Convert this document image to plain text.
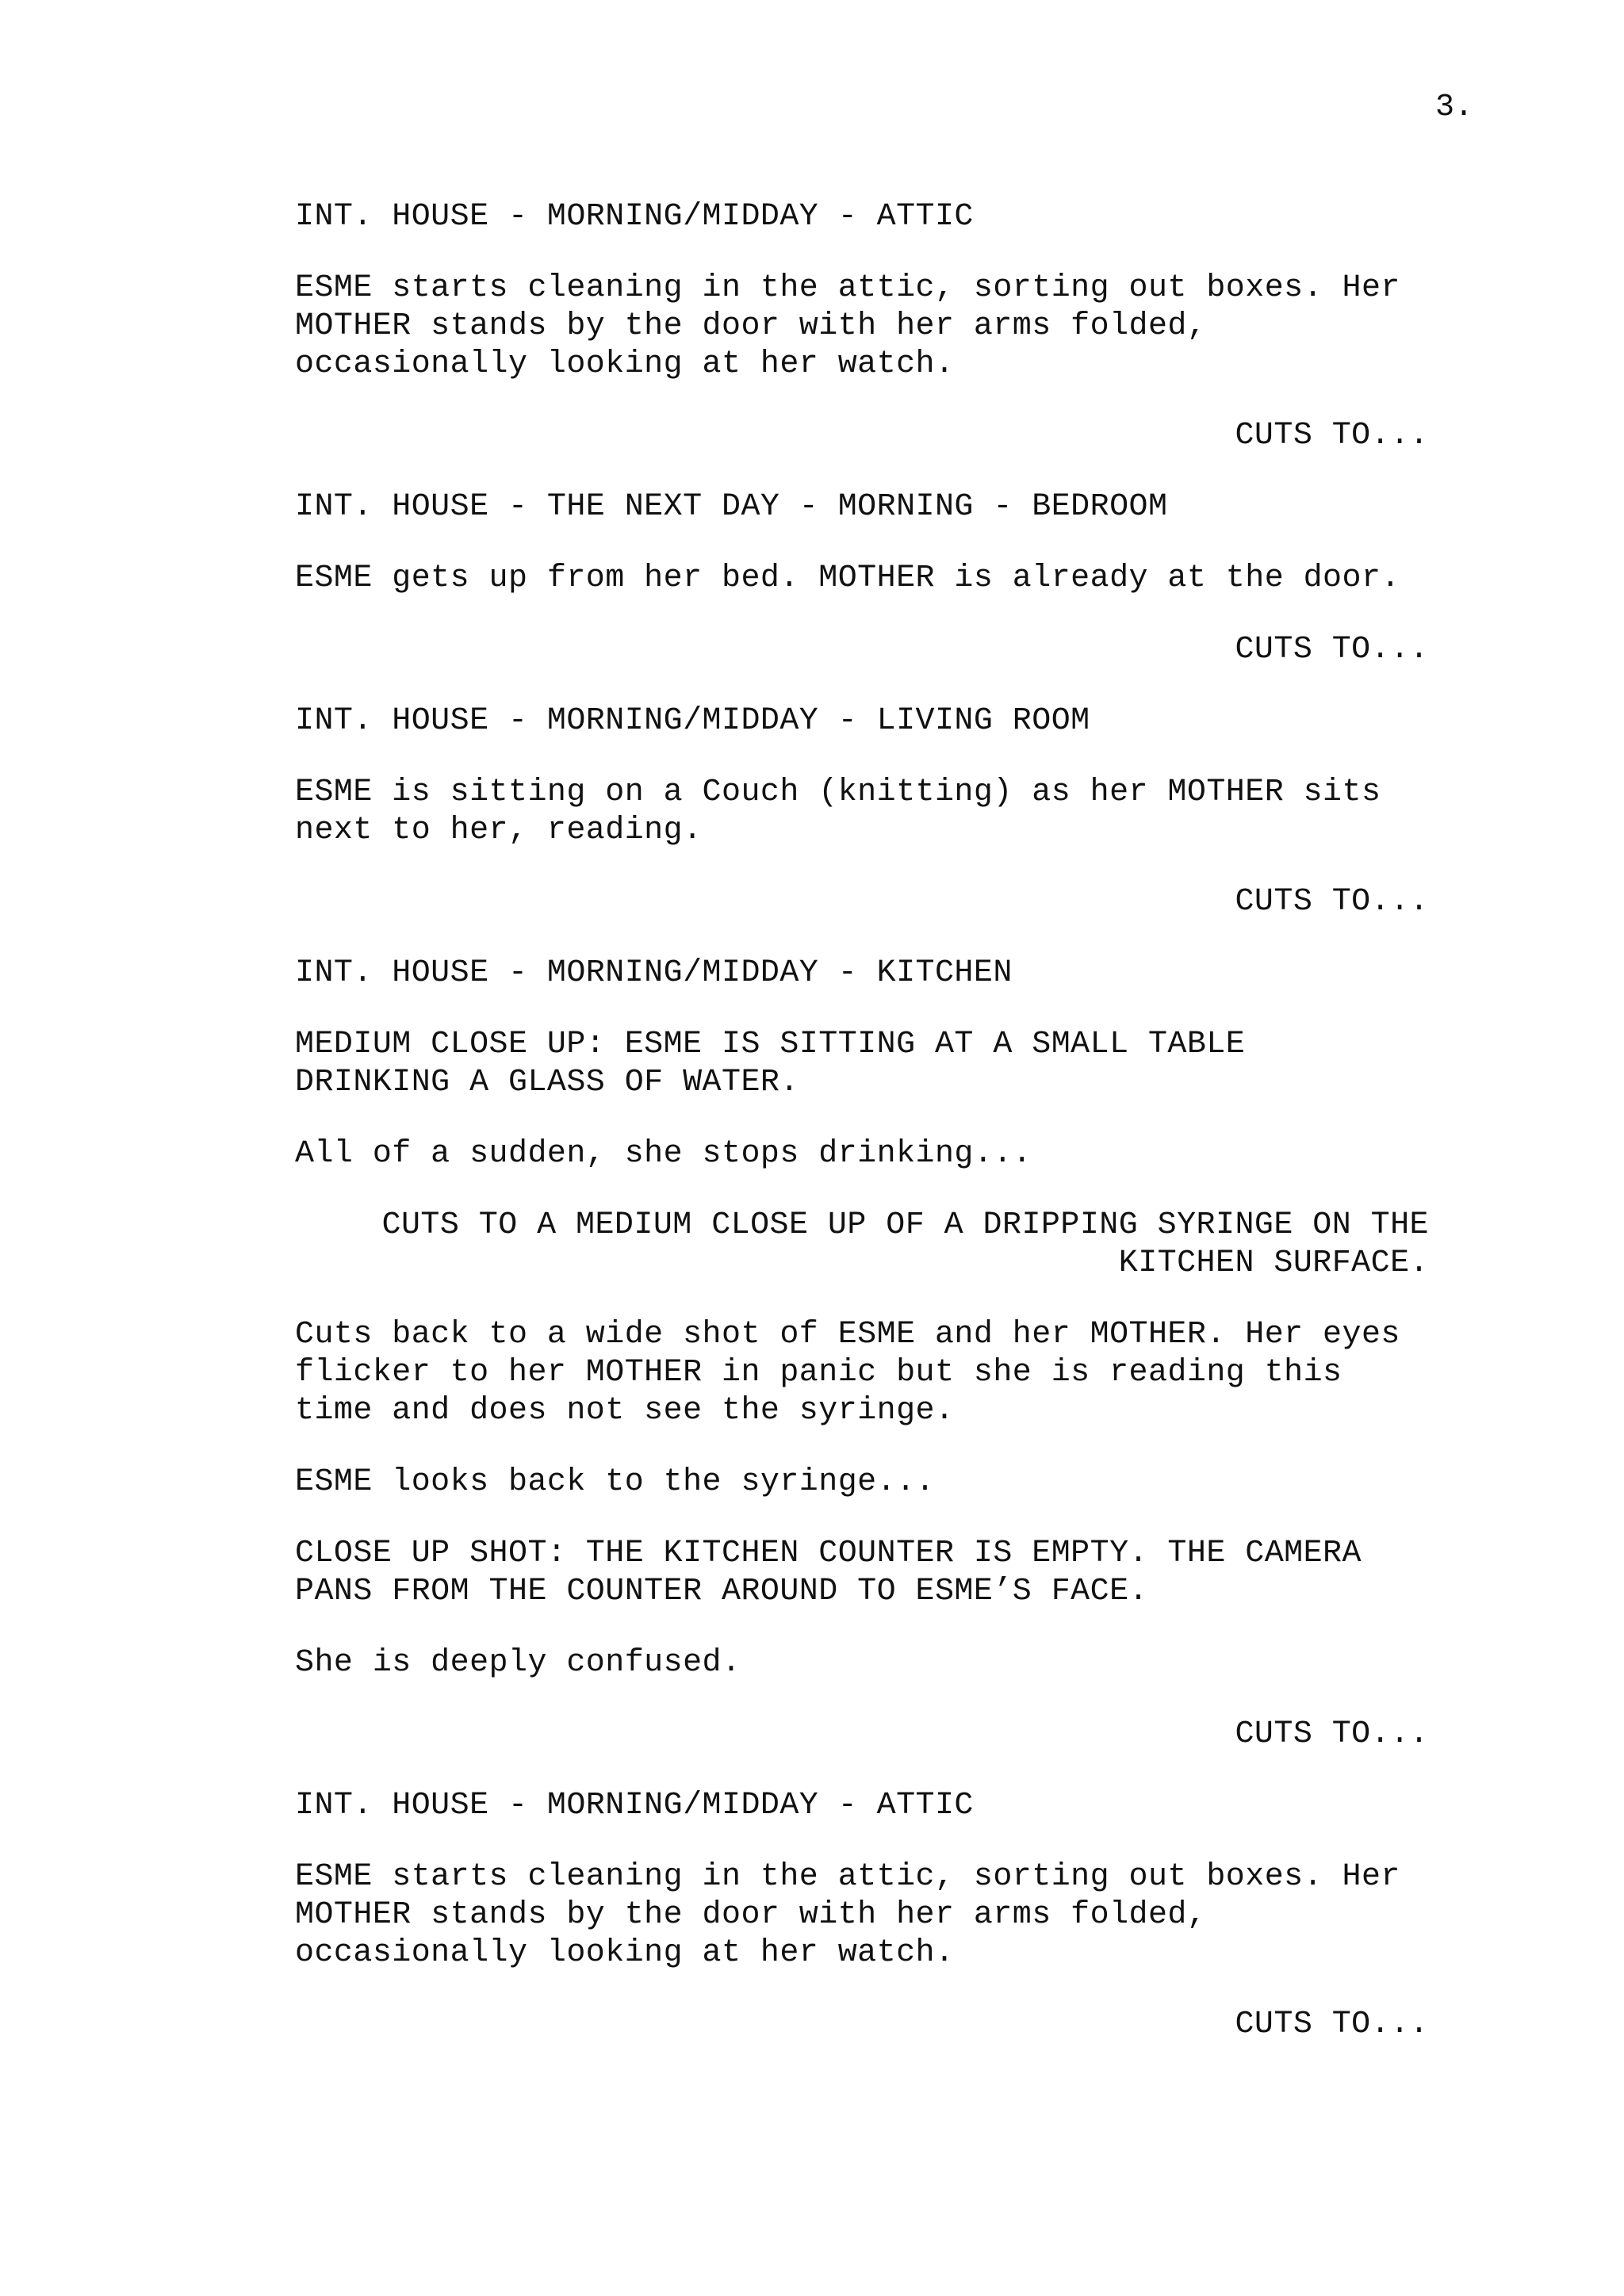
3.

INT. HOUSE - MORNING/MIDDAY - ATTIC

ESME starts cleaning in the attic, sorting out boxes. Her
MOTHER stands by the door with her arms folded,
occasionally looking at her watch.

CUTS TO...

INT. HOUSE - THE NEXT DAY - MORNING - BEDROOM

ESME gets up from her bed. MOTHER is already at the door.

CUTS TO...

INT. HOUSE - MORNING/MIDDAY - LIVING ROOM

ESME is sitting on a Couch (knitting) as her MOTHER sits
next to her, reading.

CUTS TO...

INT. HOUSE - MORNING/MIDDAY - KITCHEN

MEDIUM CLOSE UP: ESME IS SITTING AT A SMALL TABLE
DRINKING A GLASS OF WATER.

All of a sudden, she stops drinking...

CUTS TO A MEDIUM CLOSE UP OF A DRIPPING SYRINGE ON THE
KITCHEN SURFACE.

Cuts back to a wide shot of ESME and her MOTHER. Her eyes
flicker to her MOTHER in panic but she is reading this
time and does not see the syringe.

ESME looks back to the syringe...

CLOSE UP SHOT: THE KITCHEN COUNTER IS EMPTY. THE CAMERA
PANS FROM THE COUNTER AROUND TO ESME’S FACE.

She is deeply confused.

CUTS TO...

INT. HOUSE - MORNING/MIDDAY - ATTIC

ESME starts cleaning in the attic, sorting out boxes. Her
MOTHER stands by the door with her arms folded,
occasionally looking at her watch.

CUTS TO...
